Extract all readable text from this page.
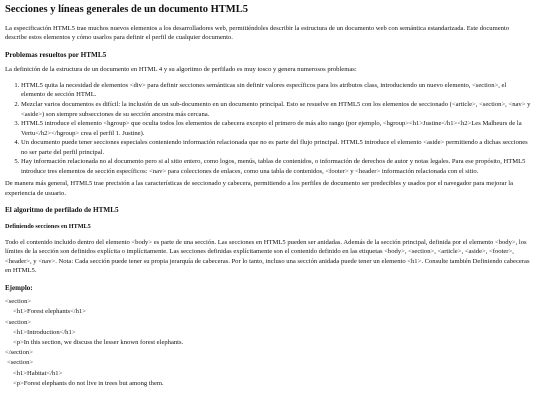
Secciones y líneas generales de un documento HTML5

La especificación HTML5 trae muchos nuevos elementos a los desarrolladores web, permitiéndoles describir la estructura de un documento web con semántica estandarizada. Este documento describe estos elementos y cómo usarlos para definir el perfil de cualquier documento.

Problemas resueltos por HTML5

La definición de la estructura de un documento en HTML 4 y su algoritmo de perfilado es muy tosco y genera numerosos problemas:

1. HTML5 quita la necesidad de elementos <div> para definir secciones semánticas sin definir valores específicos para los atributos class, introduciendo un nuevo elemento, <section>, el elemento de sección HTML.
2. Mezclar varios documentos es difícil: la inclusión de un sub-documento en un documento principal. Esto se resuelve en HTML5 con los elementos de seccionado (<article>, <section>, <nav> y <aside>) son siempre subsecciones de su sección ancestra más cercana.
3. HTML5 introduce el elemento <hgroup> que oculta todos los elementos de cabecera excepto el primero de más alto rango (por ejemplo, <hgroup><h1>Justine</h1><h2>Les Malheurs de la Vertu</h2></hgroup> crea el perfil 1. Justine).
4. Un documento puede tener secciones especiales conteniendo información relacionada que no es parte del flujo principal. HTML5 introduce el elemento <aside> permitiendo a dichas secciones no ser parte del perfil principal.
5. Hay información relacionada no al documento pero si al sitio entero, como logos, menús, tablas de contenidos, o información de derechos de autor y notas legales. Para ese propósito, HTML5 introduce tres elementos de sección específicos: <nav> para colecciones de enlaces, como una tabla de contenidos, <footer> y <header> información relacionada con el sitio.

De manera más general, HTML5 trae precisión a las características de seccionado y cabecera, permitiendo a los perfiles de documento ser predecibles y usados por el navegador para mejorar la experiencia de usuario.

El algoritmo de perfilado de HTML5
Definiendo secciones en HTML5

Todo el contenido incluido dentro del elemento <body> es parte de una sección. Las secciones en HTML5 pueden ser anidadas. Además de la sección principal, definida por el elemento <body>, los límites de la sección son definidos explícita o implícitamente. Las secciones definidas explícitamente son el contenido definido en las etiquetas <body>, <section>, <article>, <aside>, <footer>, <header>, y <nav>. Nota: Cada sección puede tener su propia jerarquía de cabeceras. Por lo tanto, incluso una sección anidada puede tener un elemento <h1>. Consulte también Definiendo cabeceras en HTML5.

Ejemplo:
<section>
<h1>Forest elephants</h1>
<section>
<h1>Introduction</h1>
<p>In this section, we discuss the lesser known forest elephants.
</section>
<section>
<h1>Habitat</h1>
<p>Forest elephants do not live in trees but among them.
